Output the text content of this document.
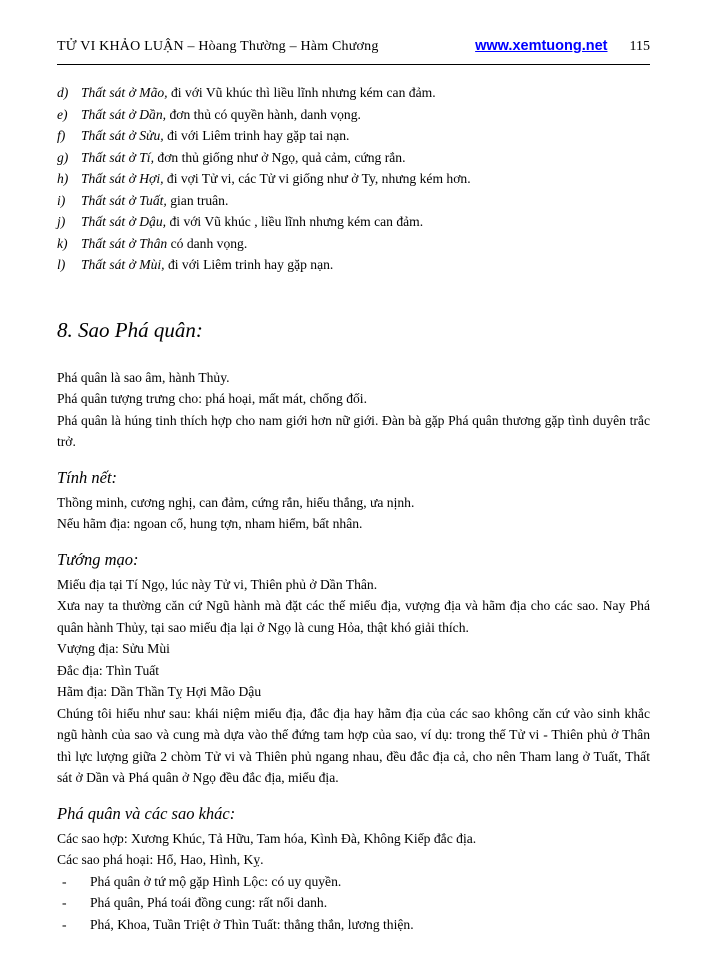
TỬ VI KHẢO LUẬN – Hòang Thường – Hàm Chương	www.xemtuong.net 115
d) Thất sát ở Mão, đi với Vũ khúc thì liều lĩnh nhưng kém can đảm.
e) Thất sát ở Dần, đơn thủ có quyền hành, danh vọng.
f)	Thất sát ở Sửu, đi với Liêm trinh hay gặp tai nạn.
g) Thất sát ở Tí, đơn thủ giống như ở Ngọ, quả cảm, cứng rắn.
h) Thất sát ở Hợi, đi vợi Tử vi, các Tử vi giống như ở Ty, nhưng kém hơn.
i)	Thất sát ở Tuất, gian truân.
j)	Thất sát ở Dậu, đi với Vũ khúc , liều lĩnh nhưng kém can đảm.
k) Thất sát ở Thân có danh vọng.
l)	Thất sát ở Mùi, đi với Liêm trinh hay gặp nạn.
8. Sao Phá quân:

Phá quân là sao âm, hành Thủy.

Phá quân tượng trưng cho: phá hoại, mất mát, chống đối.

Phá quân là húng tinh thích hợp cho nam giới hơn nữ giới. Đàn bà gặp Phá quân thương gặp tình duyên trắc trở.

Tính nết:

Thồng minh, cương nghị, can đảm, cứng rắn, hiếu thắng, ưa nịnh.

Nếu hãm địa: ngoan cố, hung tợn, nham hiểm, bất nhân.

Tướng mạo:

Miếu địa tại Tí Ngọ, lúc này Tử vi, Thiên phủ ở Dần Thân.

Xưa nay ta thường căn cứ Ngũ hành mà đặt các thế miếu địa, vượng địa và hãm địa cho các sao. Nay Phá quân hành Thủy, tại sao miếu địa lại ở Ngọ là cung Hỏa, thật khó giải thích.

Vượng địa: Sửu Mùi

Đắc địa: Thìn Tuất

Hãm địa: Dần Thần Tỵ Hợi Mão Dậu

Chúng tôi hiểu như sau: khái niệm miếu địa, đắc địa hay hãm địa của các sao không căn cứ vào sinh khắc ngũ hành của sao và cung mà dựa vào thế đứng tam hợp của sao, ví dụ: trong thế Tử vi - Thiên phủ ở Thân thì lực lượng giữa 2 chòm Tử vi và Thiên phủ ngang nhau, đều đắc địa cả, cho nên Tham lang ở Tuất, Thất sát ở Dần và Phá quân ở Ngọ đều đắc địa, miếu địa.

Phá quân và các sao khác:

Các sao hợp: Xương Khúc, Tả Hữu, Tam hóa, Kình Đà, Không Kiếp đắc địa.

Các sao phá hoại: Hổ, Hao, Hình, Kỵ.

-	Phá quân ở tứ mộ gặp Hình Lộc: có uy quyền.
-	Phá quân, Phá toái đồng cung: rất nổi danh.
-	Phá, Khoa, Tuần Triệt ở Thìn Tuất: thẳng thắn, lương thiện.
